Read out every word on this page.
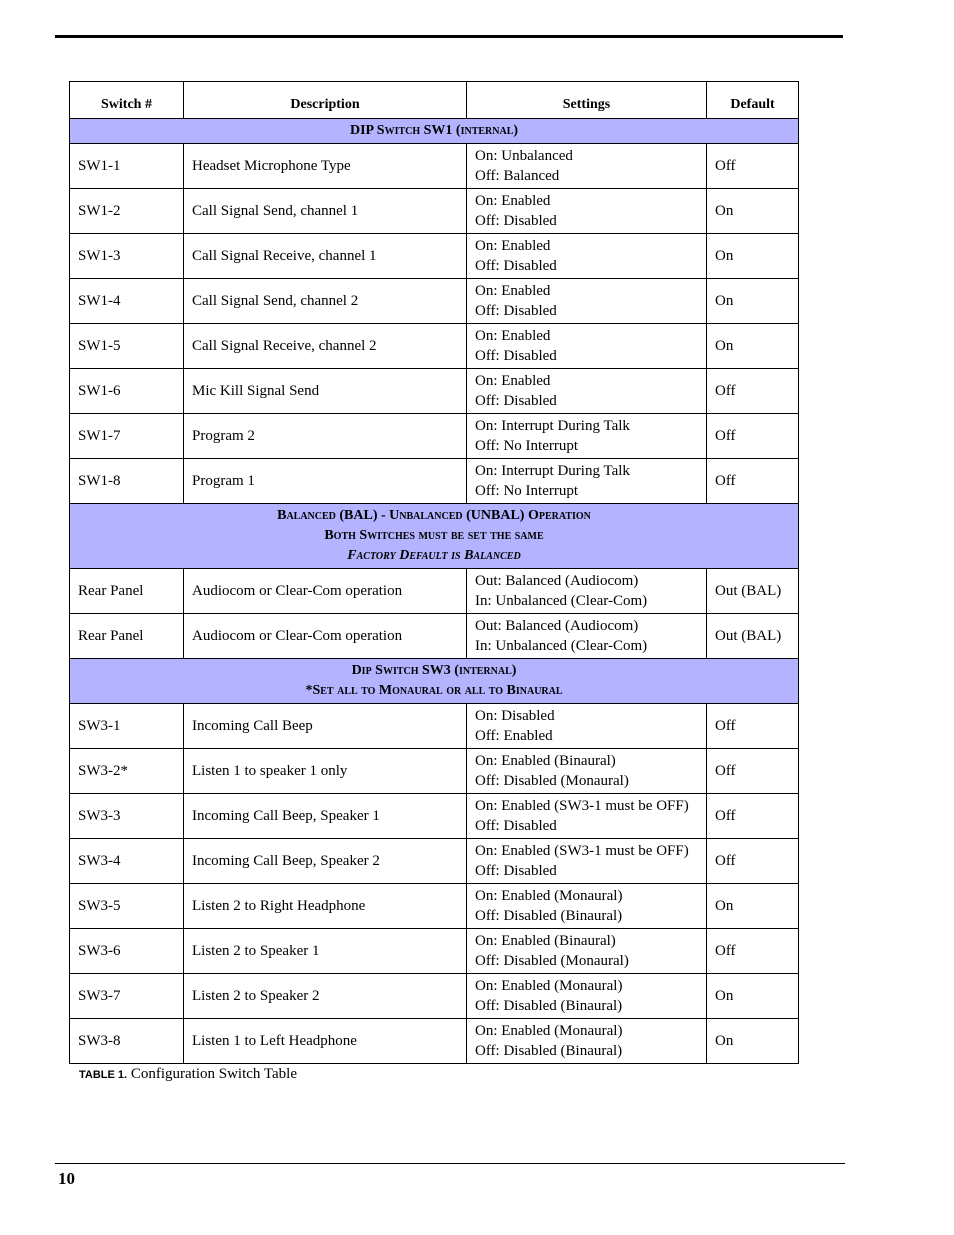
Switch #	Description	Settings	Default

DIP Switch SW1 (internal)			

SW1-1	Headset Microphone Type	On: Unbalanced
Off: Balanced	Off
SW1-2	Call Signal Send, channel 1	On: Enabled
Off: Disabled	On
SW1-3	Call Signal Receive, channel 1	On: Enabled
Off: Disabled	On
SW1-4	Call Signal Send, channel 2	On: Enabled
Off: Disabled	On
SW1-5	Call Signal Receive, channel 2	On: Enabled
Off: Disabled	On
SW1-6	Mic Kill Signal Send	On: Enabled
Off: Disabled	Off
SW1-7	Program 2	On: Interrupt During Talk
Off: No Interrupt	Off
SW1-8	Program 1	On: Interrupt During Talk
Off: No Interrupt	Off

Balanced (BAL) - Unbalanced (UNBAL) Operation
Both Switches must be set the same
Factory Default is Balanced			

Rear Panel	Audiocom or Clear-Com operation	Out: Balanced (Audiocom)
In: Unbalanced (Clear-Com)	Out (BAL)
Rear Panel	Audiocom or Clear-Com operation	Out: Balanced (Audiocom)
In: Unbalanced (Clear-Com)	Out (BAL)

Dip Switch SW3 (internal)
*Set all to Monaural or all to Binaural			

SW3-1	Incoming Call Beep	On: Disabled
Off: Enabled	Off
SW3-2*	Listen 1 to speaker 1 only	On: Enabled (Binaural)
Off: Disabled (Monaural)	Off
SW3-3	Incoming Call Beep, Speaker 1	On: Enabled (SW3-1 must be OFF)
Off: Disabled	Off
SW3-4	Incoming Call Beep, Speaker 2	On: Enabled (SW3-1 must be OFF)
Off: Disabled	Off
SW3-5	Listen 2 to Right Headphone	On: Enabled (Monaural)
Off: Disabled (Binaural)	On
SW3-6	Listen 2 to Speaker 1	On: Enabled (Binaural)
Off: Disabled (Monaural)	Off
SW3-7	Listen 2 to Speaker 2	On: Enabled (Monaural)
Off: Disabled (Binaural)	On
SW3-8	Listen 1 to Left Headphone	On: Enabled (Monaural)
Off: Disabled (Binaural)	On
TABLE 1. Configuration Switch Table
10
